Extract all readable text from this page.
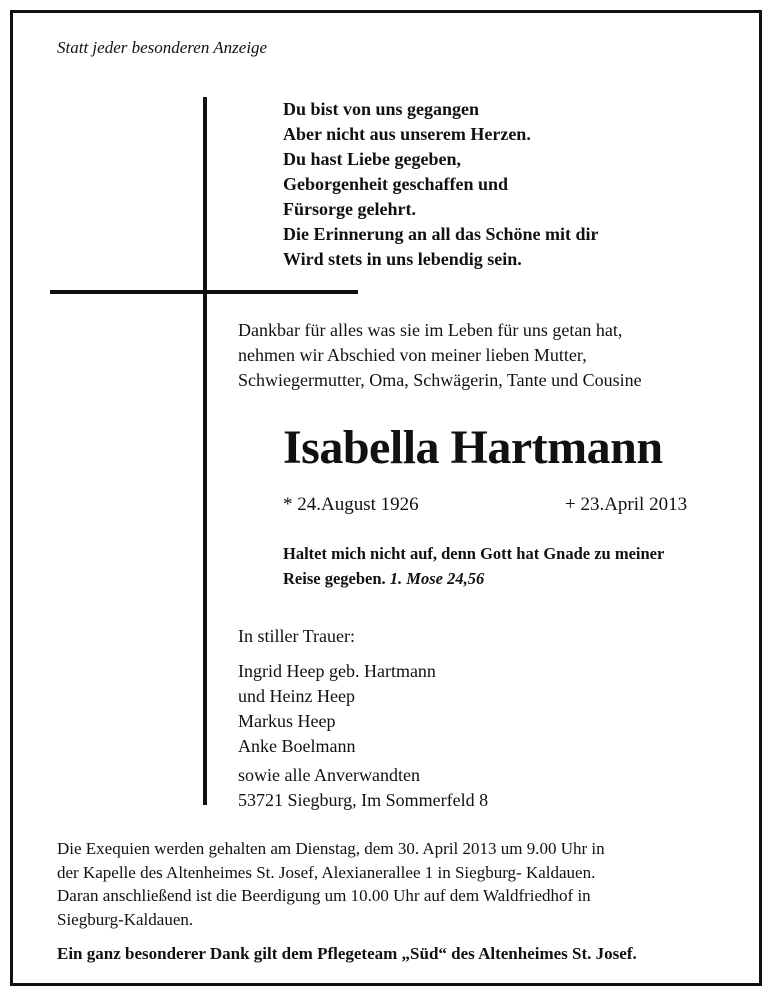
Statt jeder besonderen Anzeige
Du bist von uns gegangen
Aber nicht aus unserem Herzen.
Du hast Liebe gegeben,
Geborgenheit geschaffen und
Fürsorge gelehrt.
Die Erinnerung an all das Schöne mit dir
Wird stets in uns lebendig sein.
Dankbar für alles was sie im Leben für uns getan hat,
nehmen wir Abschied von meiner lieben Mutter,
Schwiegermutter, Oma, Schwägerin, Tante und Cousine
Isabella Hartmann
* 24.August 1926	+ 23.April 2013
Haltet mich nicht auf, denn Gott hat Gnade zu meiner
Reise gegeben. 1. Mose 24,56
In stiller Trauer:
Ingrid Heep geb. Hartmann
und Heinz Heep
Markus Heep
Anke Boelmann
sowie alle Anverwandten
53721 Siegburg, Im Sommerfeld 8
Die Exequien werden gehalten am Dienstag, dem 30. April 2013 um 9.00 Uhr in
der Kapelle des Altenheimes St. Josef, Alexianerallee 1 in Siegburg- Kaldauen.
Daran anschließend ist die Beerdigung um 10.00 Uhr auf dem Waldfriedhof in
Siegburg-Kaldauen.
Ein ganz besonderer Dank gilt dem Pflegeteam „Süd“ des Altenheimes St. Josef.
